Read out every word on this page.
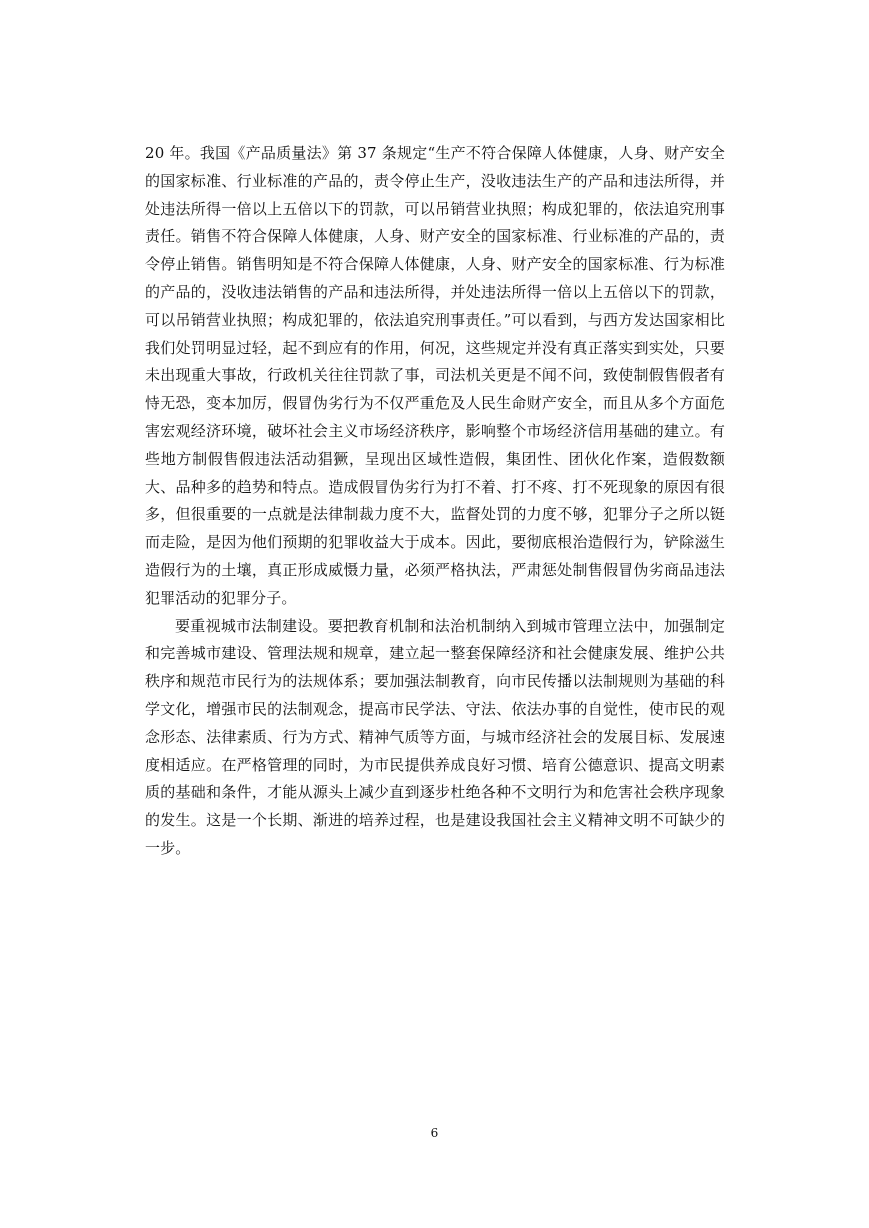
20 年。我国《产品质量法》第 37 条规定“生产不符合保障人体健康，人身、财产安全的国家标准、行业标准的产品的，责令停止生产，没收违法生产的产品和违法所得，并处违法所得一倍以上五倍以下的罚款，可以吊销营业执照；构成犯罪的，依法追究刑事责任。销售不符合保障人体健康，人身、财产安全的国家标准、行业标准的产品的，责令停止销售。销售明知是不符合保障人体健康，人身、财产安全的国家标准、行为标准的产品的，没收违法销售的产品和违法所得，并处违法所得一倍以上五倍以下的罚款，可以吊销营业执照；构成犯罪的，依法追究刑事责任。”可以看到，与西方发达国家相比我们处罚明显过轻，起不到应有的作用，何况，这些规定并没有真正落实到实处，只要未出现重大事故，行政机关往往罚款了事，司法机关更是不闻不问，致使制假售假者有恃无恐，变本加厉，假冒伪劣行为不仅严重危及人民生命财产安全，而且从多个方面危害宏观经济环境，破坏社会主义市场经济秩序，影响整个市场经济信用基础的建立。有些地方制假售假违法活动猖獗，呈现出区域性造假，集团性、团伙化作案，造假数额大、品种多的趋势和特点。造成假冒伪劣行为打不着、打不疼、打不死现象的原因有很多，但很重要的一点就是法律制裁力度不大，监督处罚的力度不够，犯罪分子之所以铤而走险，是因为他们预期的犯罪收益大于成本。因此，要彻底根治造假行为，铲除滋生造假行为的土壤，真正形成威慑力量，必须严格执法，严肃惩处制售假冒伪劣商品违法犯罪活动的犯罪分子。

要重视城市法制建设。要把教育机制和法治机制纳入到城市管理立法中，加强制定和完善城市建设、管理法规和规章，建立起一整套保障经济和社会健康发展、维护公共秩序和规范市民行为的法规体系；要加强法制教育，向市民传播以法制规则为基础的科学文化，增强市民的法制观念，提高市民学法、守法、依法办事的自觉性，使市民的观念形态、法律素质、行为方式、精神气质等方面，与城市经济社会的发展目标、发展速度相适应。在严格管理的同时，为市民提供养成良好习惯、培育公德意识、提高文明素质的基础和条件，才能从源头上减少直到逐步杜绝各种不文明行为和危害社会秩序现象的发生。这是一个长期、渐进的培养过程，也是建设我国社会主义精神文明不可缺少的一步。

6
